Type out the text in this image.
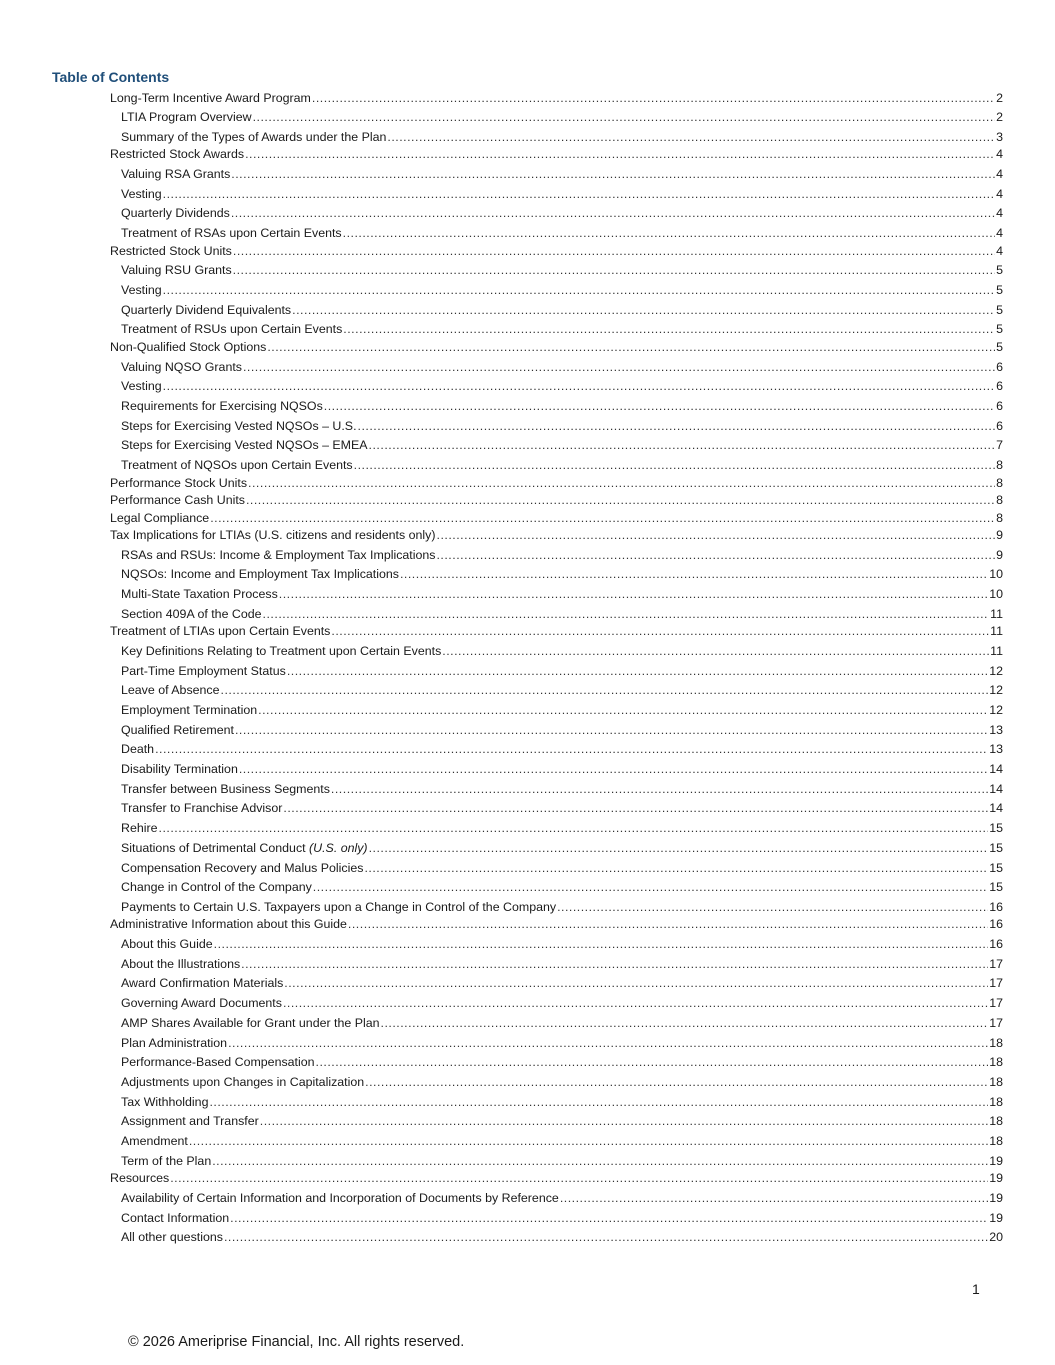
Table of Contents
Long-Term Incentive Award Program .....	2
LTIA Program Overview .....	2
Summary of the Types of Awards under the Plan .....	3
Restricted Stock Awards .....	4
Valuing RSA Grants .....	4
Vesting .....	4
Quarterly Dividends .....	4
Treatment of RSAs upon Certain Events .....	4
Restricted Stock Units .....	4
Valuing RSU Grants .....	5
Vesting .....	5
Quarterly Dividend Equivalents .....	5
Treatment of RSUs upon Certain Events .....	5
Non-Qualified Stock Options .....	5
Valuing NQSO Grants .....	6
Vesting .....	6
Requirements for Exercising NQSOs .....	6
Steps for Exercising Vested NQSOs – U.S. .....	6
Steps for Exercising Vested NQSOs – EMEA .....	7
Treatment of NQSOs upon Certain Events .....	8
Performance Stock Units .....	8
Performance Cash Units .....	8
Legal Compliance .....	8
Tax Implications for LTIAs (U.S. citizens and residents only) .....	9
RSAs and RSUs: Income & Employment Tax Implications .....	9
NQSOs: Income and Employment Tax Implications .....	10
Multi-State Taxation Process .....	10
Section 409A of the Code .....	11
Treatment of LTIAs upon Certain Events .....	11
Key Definitions Relating to Treatment upon Certain Events .....	11
Part-Time Employment Status .....	12
Leave of Absence .....	12
Employment Termination .....	12
Qualified Retirement .....	13
Death .....	13
Disability Termination .....	14
Transfer between Business Segments .....	14
Transfer to Franchise Advisor .....	14
Rehire .....	15
Situations of Detrimental Conduct (U.S. only) .....	15
Compensation Recovery and Malus Policies .....	15
Change in Control of the Company .....	15
Payments to Certain U.S. Taxpayers upon a Change in Control of the Company .....	16
Administrative Information about this Guide .....	16
About this Guide .....	16
About the Illustrations .....	17
Award Confirmation Materials .....	17
Governing Award Documents .....	17
AMP Shares Available for Grant under the Plan .....	17
Plan Administration .....	18
Performance-Based Compensation .....	18
Adjustments upon Changes in Capitalization .....	18
Tax Withholding .....	18
Assignment and Transfer .....	18
Amendment .....	18
Term of the Plan .....	19
Resources .....	19
Availability of Certain Information and Incorporation of Documents by Reference .....	19
Contact Information .....	19
All other questions .....	20
1
© 2026 Ameriprise Financial, Inc. All rights reserved.
